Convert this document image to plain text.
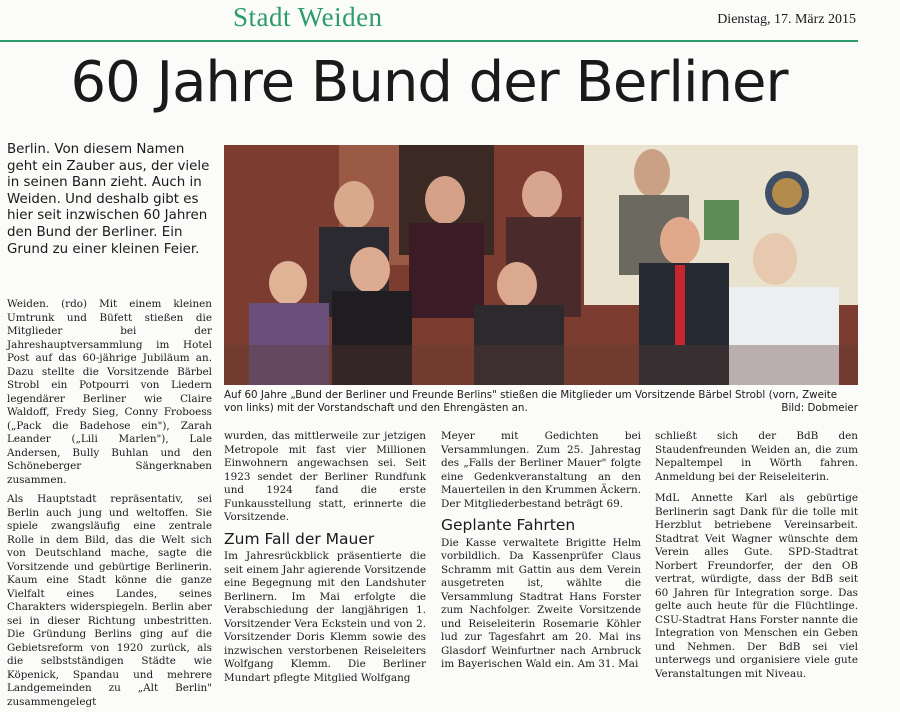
Stadt Weiden	Dienstag, 17. März 2015
60 Jahre Bund der Berliner
Berlin. Von diesem Namen geht ein Zauber aus, der viele in seinen Bann zieht. Auch in Weiden. Und deshalb gibt es hier seit inzwischen 60 Jahren den Bund der Berliner. Ein Grund zu einer kleinen Feier.
Auf 60 Jahre „Bund der Berliner und Freunde Berlins" stießen die Mitglieder um Vorsitzende Bärbel Strobl (vorn, Zweite von links) mit der Vorstandschaft und den Ehrengästen an.	Bild: Dobmeier

Weiden. (rdo) Mit einem kleinen Umtrunk und Büfett stießen die Mitglieder bei der Jahreshauptversammlung im Hotel Post auf das 60-jährige Jubiläum an. Dazu stellte die Vorsitzende Bärbel Strobl ein Potpourri von Liedern legendärer Berliner wie Claire Waldoff, Fredy Sieg, Conny Froboess („Pack die Badehose ein"), Zarah Leander („Lili Marlen"), Lale Andersen, Bully Buhlan und den Schöneberger Sängerknaben zusammen.

Als Hauptstadt repräsentativ, sei Berlin auch jung und weltoffen. Sie spiele zwangsläufig eine zentrale Rolle in dem Bild, das die Welt sich von Deutschland mache, sagte die Vorsitzende und gebürtige Berlinerin. Kaum eine Stadt könne die ganze Vielfalt eines Landes, seines Charakters widerspiegeln. Berlin aber sei in dieser Richtung unbestritten. Die Gründung Berlins ging auf die Gebietsreform von 1920 zurück, als die selbstständigen Städte wie Köpenick, Spandau und mehrere Landgemeinden zu „Alt Berlin" zusammengelegt

wurden, das mittlerweile zur jetzigen Metropole mit fast vier Millionen Einwohnern angewachsen sei. Seit 1923 sendet der Berliner Rundfunk und 1924 fand die erste Funkausstellung statt, erinnerte die Vorsitzende.

Zum Fall der Mauer

Im Jahresrückblick präsentierte die seit einem Jahr agierende Vorsitzende eine Begegnung mit den Landshuter Berlinern. Im Mai erfolgte die Verabschiedung der langjährigen 1. Vorsitzender Vera Eckstein und von 2. Vorsitzender Doris Klemm sowie des inzwischen verstorbenen Reiseleiters Wolfgang Klemm. Die Berliner Mundart pflegte Mitglied Wolfgang

Meyer mit Gedichten bei Versammlungen. Zum 25. Jahrestag des „Falls der Berliner Mauer" folgte eine Gedenkveranstaltung an den Mauerteilen in den Krummen Äckern. Der Mitgliederbestand beträgt 69.

Geplante Fahrten

Die Kasse verwaltete Brigitte Helm vorbildlich. Da Kassenprüfer Claus Schramm mit Gattin aus dem Verein ausgetreten ist, wählte die Versammlung Stadtrat Hans Forster zum Nachfolger. Zweite Vorsitzende und Reiseleiterin Rosemarie Köhler lud zur Tagesfahrt am 20. Mai ins Glasdorf Weinfurtner nach Arnbruck im Bayerischen Wald ein. Am 31. Mai

schließt sich der BdB den Staudenfreunden Weiden an, die zum Nepaltempel in Wörth fahren. Anmeldung bei der Reiseleiterin.

MdL Annette Karl als gebürtige Berlinerin sagt Dank für die tolle mit Herzblut betriebene Vereinsarbeit. Stadtrat Veit Wagner wünschte dem Verein alles Gute. SPD-Stadtrat Norbert Freundorfer, der den OB vertrat, würdigte, dass der BdB seit 60 Jahren für Integration sorge. Das gelte auch heute für die Flüchtlinge. CSU-Stadtrat Hans Forster nannte die Integration von Menschen ein Geben und Nehmen. Der BdB sei viel unterwegs und organisiere viele gute Veranstaltungen mit Niveau.
